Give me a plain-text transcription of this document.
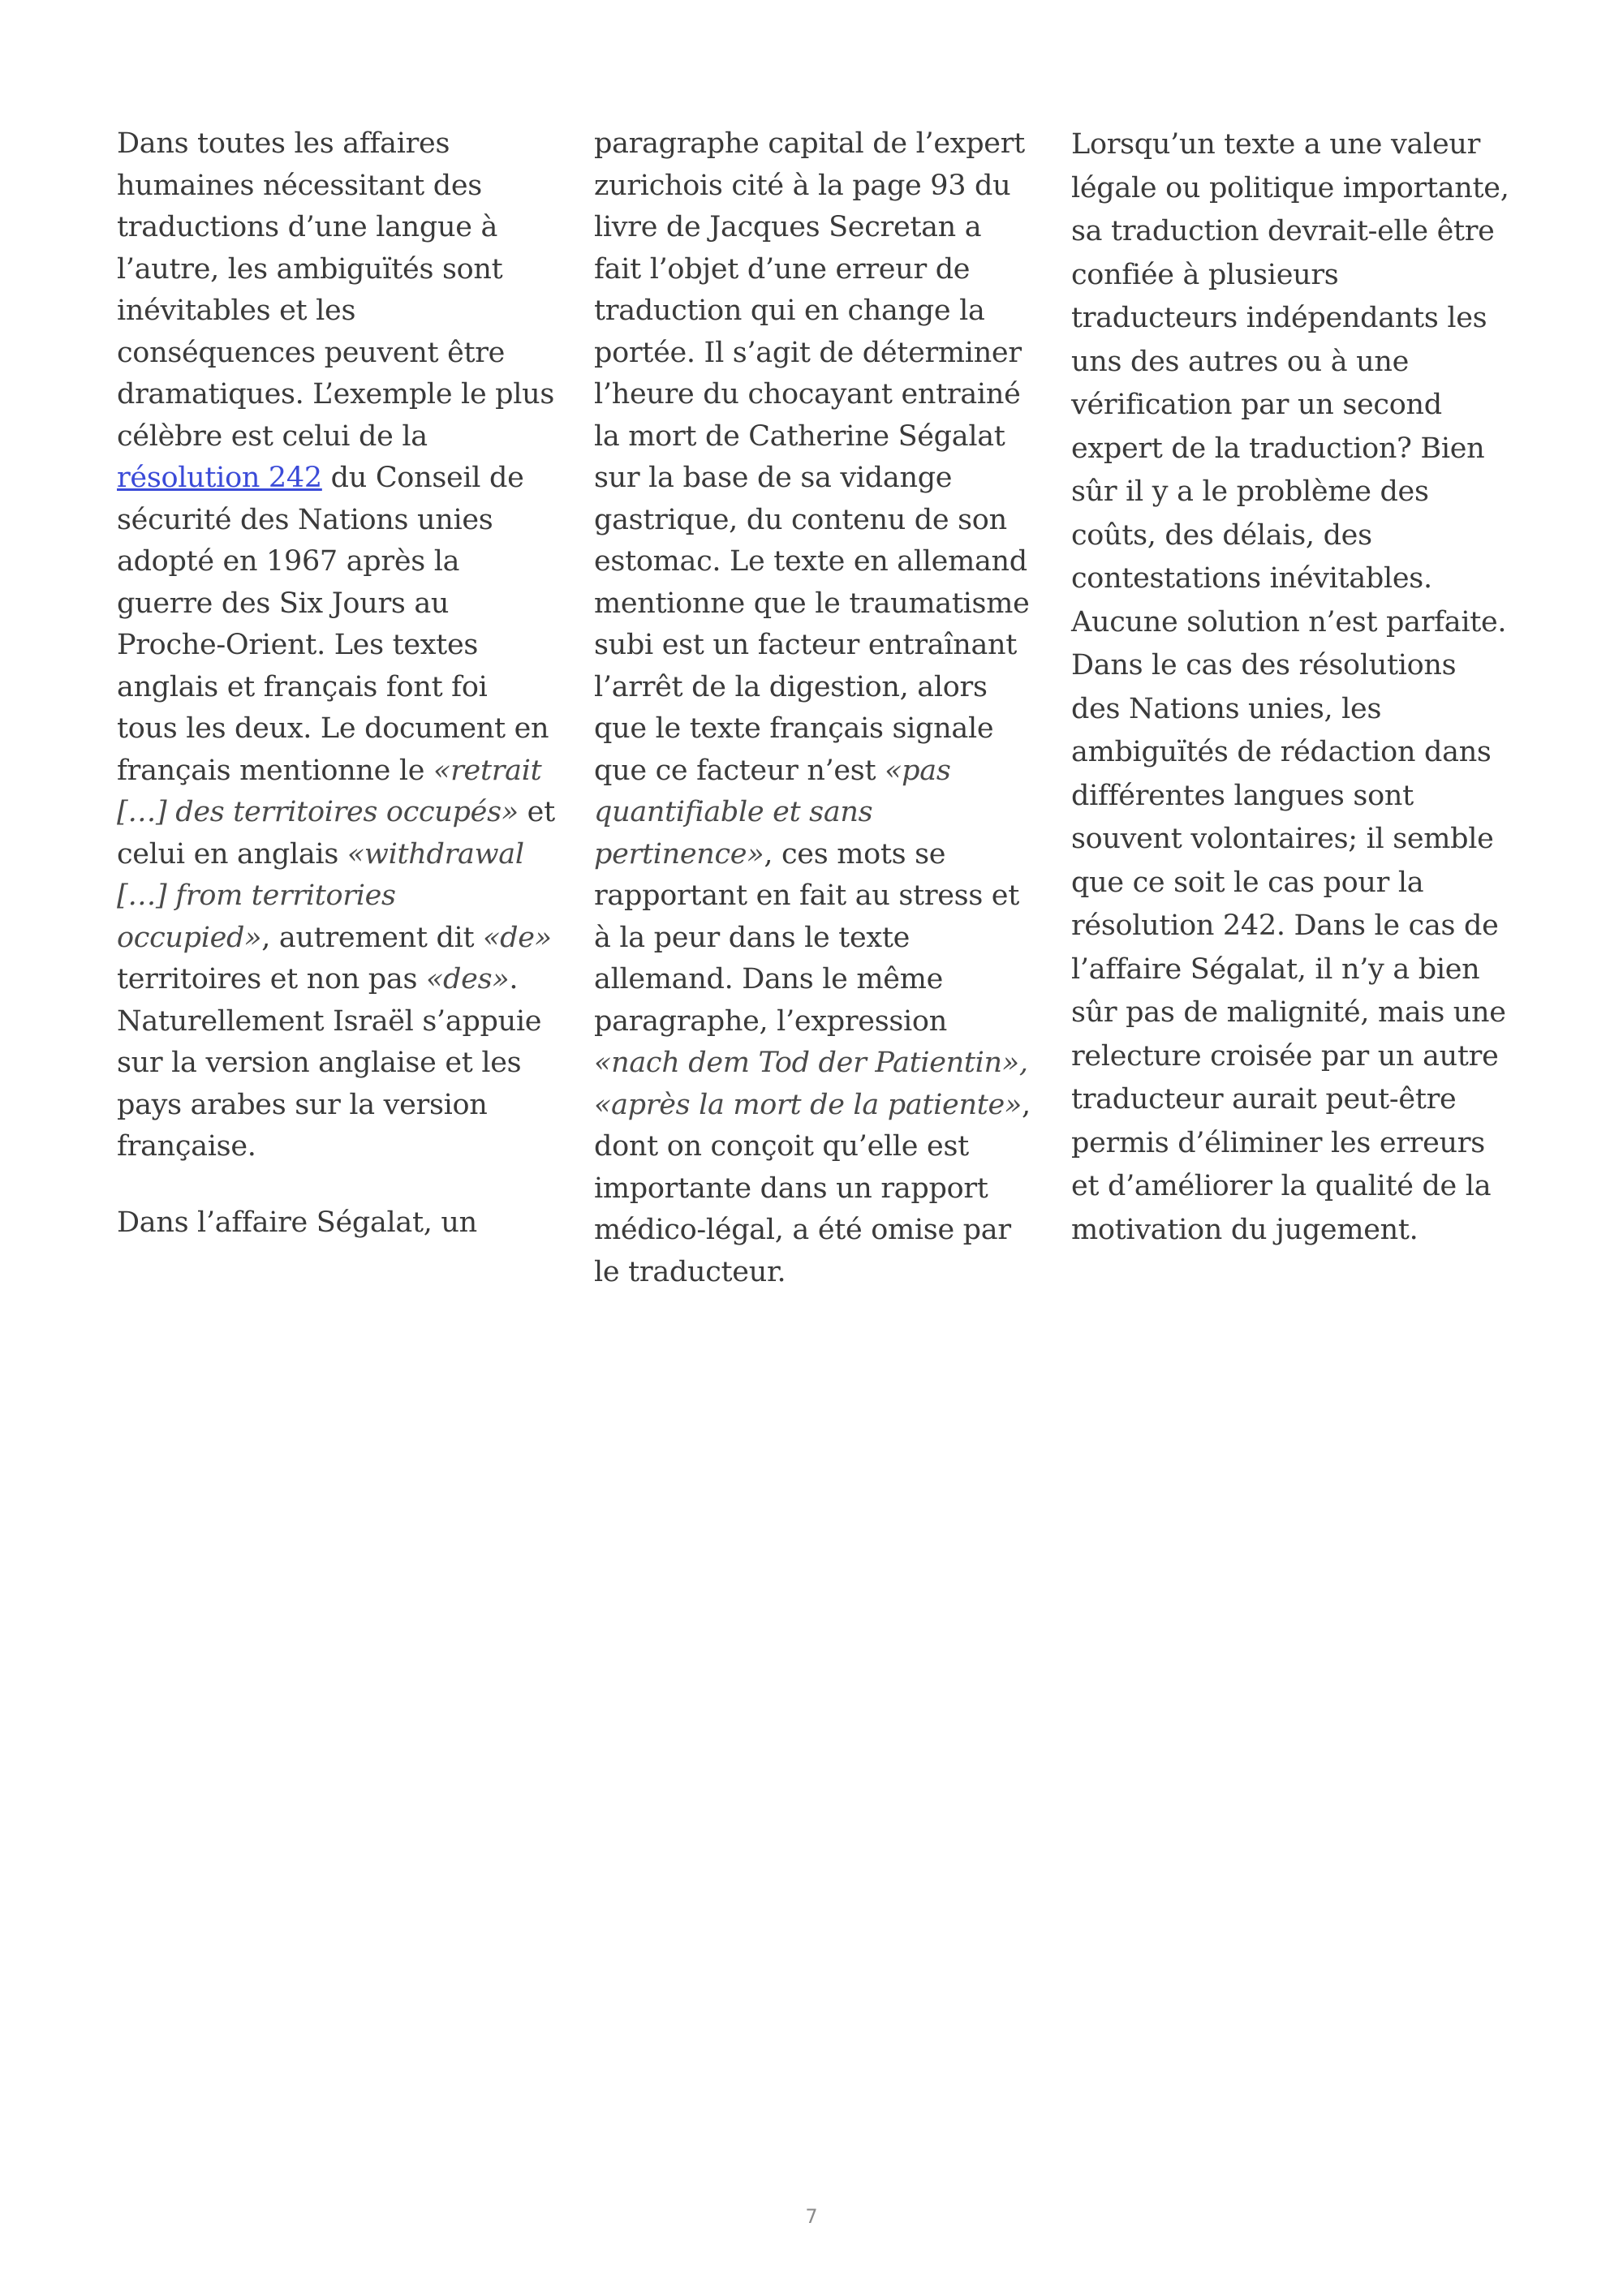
Dans toutes les affaires humaines nécessitant des traductions d’une langue à l’autre, les ambiguïtés sont inévitables et les conséquences peuvent être dramatiques. L’exemple le plus célèbre est celui de la résolution 242 du Conseil de sécurité des Nations unies adopté en 1967 après la guerre des Six Jours au Proche-Orient. Les textes anglais et français font foi tous les deux. Le document en français mentionne le «retrait […] des territoires occupés» et celui en anglais «withdrawal […] from territories occupied», autrement dit «de» territoires et non pas «des». Naturellement Israël s’appuie sur la version anglaise et les pays arabes sur la version française.

Dans l’affaire Ségalat, un

paragraphe capital de l’expert zurichois cité à la page 93 du livre de Jacques Secretan a fait l’objet d’une erreur de traduction qui en change la portée. Il s’agit de déterminer l’heure du chocayant entrainé la mort de Catherine Ségalat sur la base de sa vidange gastrique, du contenu de son estomac. Le texte en allemand mentionne que le traumatisme subi est un facteur entraînant l’arrêt de la digestion, alors que le texte français signale que ce facteur n’est «pas quantifiable et sans pertinence», ces mots se rapportant en fait au stress et à la peur dans le texte allemand. Dans le même paragraphe, l’expression «nach dem Tod der Patientin», «après la mort de la patiente», dont on conçoit qu’elle est importante dans un rapport médico-légal, a été omise par le traducteur.

Lorsqu’un texte a une valeur légale ou politique importante, sa traduction devrait-elle être confiée à plusieurs traducteurs indépendants les uns des autres ou à une vérification par un second expert de la traduction? Bien sûr il y a le problème des coûts, des délais, des contestations inévitables. Aucune solution n’est parfaite. Dans le cas des résolutions des Nations unies, les ambiguïtés de rédaction dans différentes langues sont souvent volontaires; il semble que ce soit le cas pour la résolution 242. Dans le cas de l’affaire Ségalat, il n’y a bien sûr pas de malignité, mais une relecture croisée par un autre traducteur aurait peut-être permis d’éliminer les erreurs et d’améliorer la qualité de la motivation du jugement.

7
